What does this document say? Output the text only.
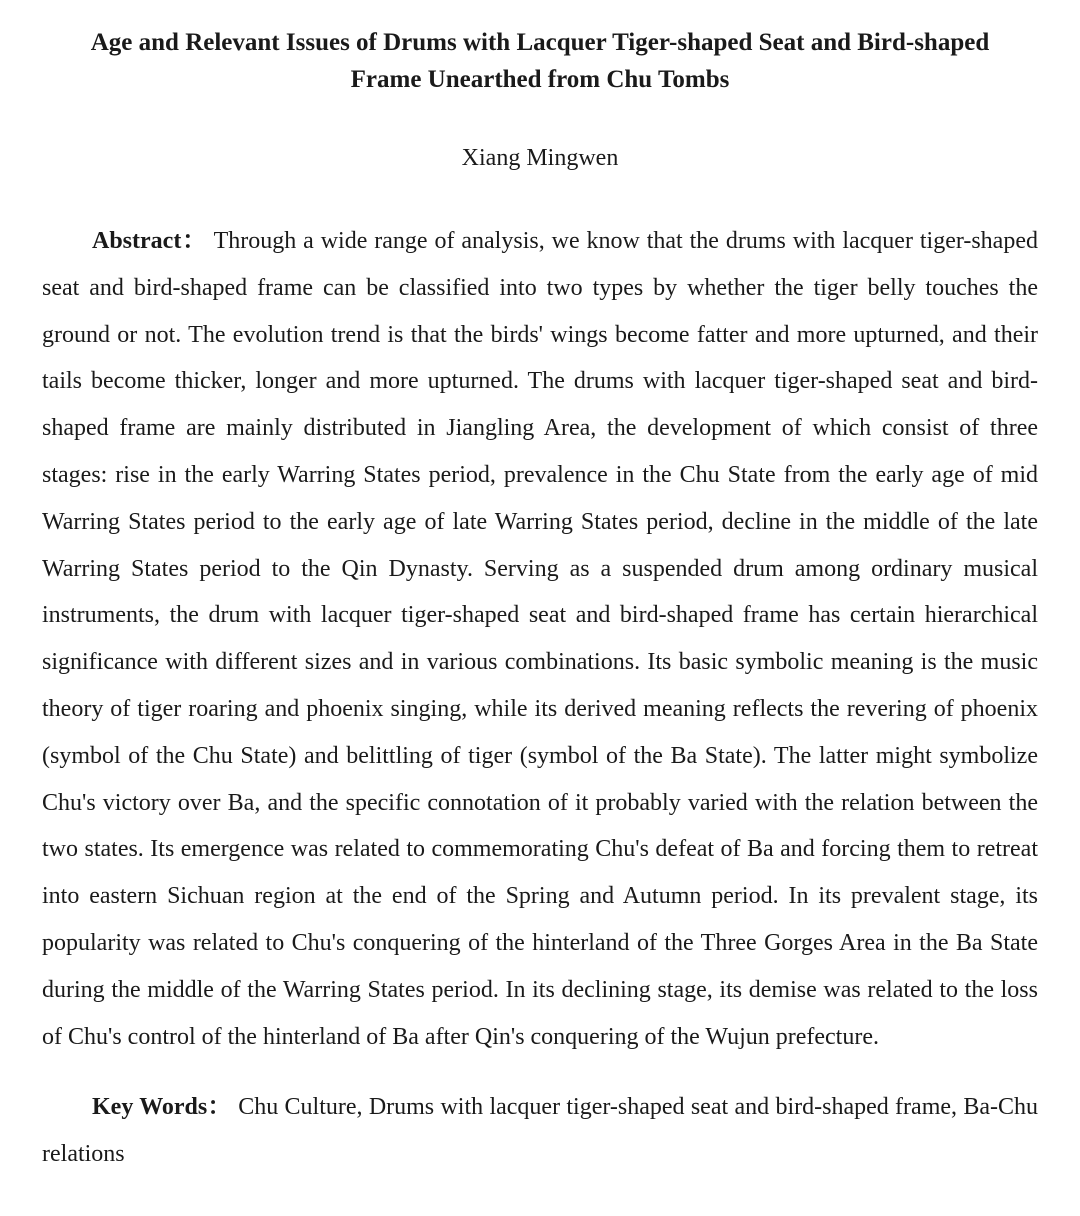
Age and Relevant Issues of Drums with Lacquer Tiger-shaped Seat and Bird-shaped
Frame Unearthed from Chu Tombs
Xiang Mingwen

Abstract： Through a wide range of analysis, we know that the drums with lacquer tiger-shaped seat and bird-shaped frame can be classified into two types by whether the tiger belly touches the ground or not. The evolution trend is that the birds' wings become fatter and more upturned, and their tails become thicker, longer and more upturned. The drums with lacquer tiger-shaped seat and bird-shaped frame are mainly distributed in Jiangling Area, the development of which consist of three stages: rise in the early Warring States period, prevalence in the Chu State from the early age of mid Warring States period to the early age of late Warring States period, decline in the middle of the late Warring States period to the Qin Dynasty. Serving as a suspended drum among ordinary musical instruments, the drum with lacquer tiger-shaped seat and bird-shaped frame has certain hierarchical significance with different sizes and in various combinations. Its basic symbolic meaning is the music theory of tiger roaring and phoenix singing, while its derived meaning reflects the revering of phoenix (symbol of the Chu State) and belittling of tiger (symbol of the Ba State). The latter might symbolize Chu's victory over Ba, and the specific connotation of it probably varied with the relation between the two states. Its emergence was related to commemorating Chu's defeat of Ba and forcing them to retreat into eastern Sichuan region at the end of the Spring and Autumn period. In its prevalent stage, its popularity was related to Chu's conquering of the hinterland of the Three Gorges Area in the Ba State during the middle of the Warring States period. In its declining stage, its demise was related to the loss of Chu's control of the hinterland of Ba after Qin's conquering of the Wujun prefecture.

Key Words： Chu Culture, Drums with lacquer tiger-shaped seat and bird-shaped frame, Ba-Chu relations
